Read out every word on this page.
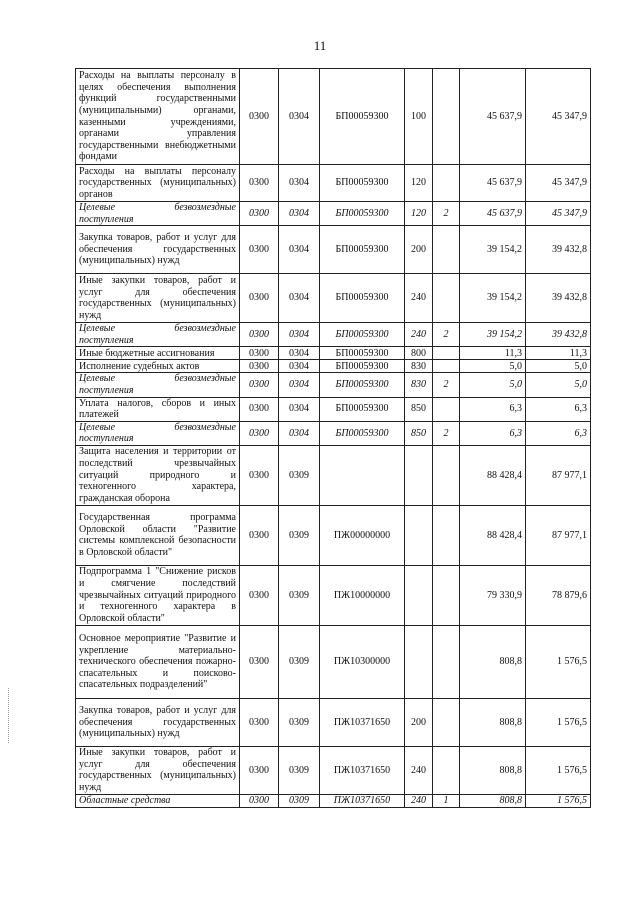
11
Расходы на выплаты персоналу в целях обеспечения выполнения функций государственными (муниципальными) органами, казенными учреждениями, органами управления государственными внебюджетными фондами	0300	0304	БП00059300	100		45 637,9	45 347,9
Расходы на выплаты персоналу государственных (муниципальных) органов	0300	0304	БП00059300	120		45 637,9	45 347,9
Целевые безвозмездные поступления	0300	0304	БП00059300	120	2	45 637,9	45 347,9
Закупка товаров, работ и услуг для обеспечения государственных (муниципальных) нужд	0300	0304	БП00059300	200		39 154,2	39 432,8
Иные закупки товаров, работ и услуг для обеспечения государственных (муниципальных) нужд	0300	0304	БП00059300	240		39 154,2	39 432,8
Целевые безвозмездные поступления	0300	0304	БП00059300	240	2	39 154,2	39 432,8
Иные бюджетные ассигнования	0300	0304	БП00059300	800		11,3	11,3
Исполнение судебных актов	0300	0304	БП00059300	830		5,0	5,0
Целевые безвозмездные поступления	0300	0304	БП00059300	830	2	5,0	5,0
Уплата налогов, сборов и иных платежей	0300	0304	БП00059300	850		6,3	6,3
Целевые безвозмездные поступления	0300	0304	БП00059300	850	2	6,3	6,3
Защита населения и территории от последствий чрезвычайных ситуаций природного и техногенного характера, гражданская оборона	0300	0309				88 428,4	87 977,1
Государственная программа Орловской области "Развитие системы комплексной безопасности в Орловской области"	0300	0309	ПЖ00000000			88 428,4	87 977,1
Подпрограмма 1 "Снижение рисков и смягчение последствий чрезвычайных ситуаций природного и техногенного характера в Орловской области"	0300	0309	ПЖ10000000			79 330,9	78 879,6
Основное мероприятие "Развитие и укрепление материально-технического обеспечения пожарно-спасательных и поисково-спасательных подразделений"	0300	0309	ПЖ10300000			808,8	1 576,5
Закупка товаров, работ и услуг для обеспечения государственных (муниципальных) нужд	0300	0309	ПЖ10371650	200		808,8	1 576,5
Иные закупки товаров, работ и услуг для обеспечения государственных (муниципальных) нужд	0300	0309	ПЖ10371650	240		808,8	1 576,5
Областные средства	0300	0309	ПЖ10371650	240	1	808,8	1 576,5
